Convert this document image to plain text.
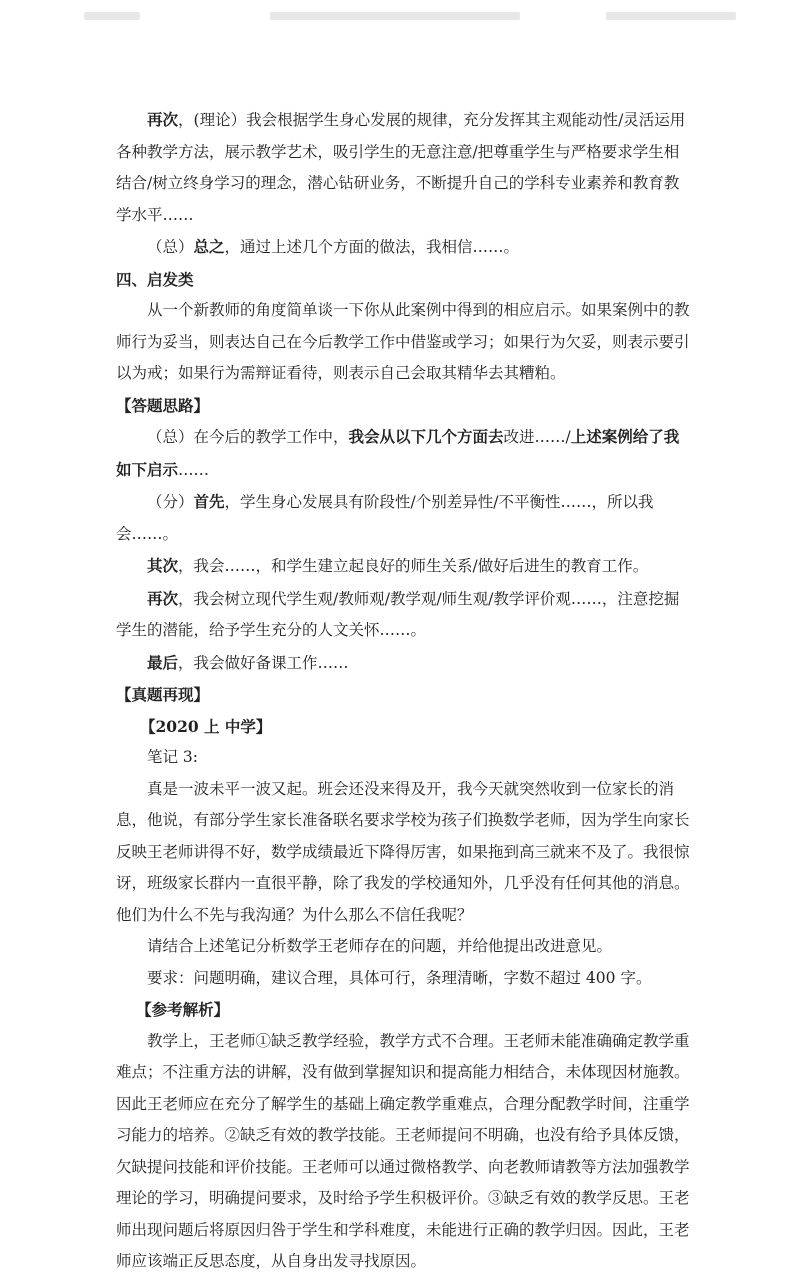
再次，(理论）我会根据学生身心发展的规律，充分发挥其主观能动性/灵活运用各种教学方法，展示教学艺术，吸引学生的无意注意/把尊重学生与严格要求学生相结合/树立终身学习的理念，潜心钻研业务，不断提升自己的学科专业素养和教育教学水平……

（总）总之，通过上述几个方面的做法，我相信……。

四、启发类

从一个新教师的角度简单谈一下你从此案例中得到的相应启示。如果案例中的教师行为妥当，则表达自己在今后教学工作中借鉴或学习；如果行为欠妥，则表示要引以为戒；如果行为需辩证看待，则表示自己会取其精华去其糟粕。

【答题思路】

（总）在今后的教学工作中，我会从以下几个方面去改进……/上述案例给了我如下启示……

（分）首先，学生身心发展具有阶段性/个别差异性/不平衡性……，所以我会……。

其次，我会……，和学生建立起良好的师生关系/做好后进生的教育工作。

再次，我会树立现代学生观/教师观/教学观/师生观/教学评价观……，注意挖掘学生的潜能，给予学生充分的人文关怀……。

最后，我会做好备课工作……

【真题再现】

【2020 上 中学】

笔记 3:

真是一波未平一波又起。班会还没来得及开，我今天就突然收到一位家长的消息，他说，有部分学生家长准备联名要求学校为孩子们换数学老师，因为学生向家长反映王老师讲得不好，数学成绩最近下降得厉害，如果拖到高三就来不及了。我很惊讶，班级家长群内一直很平静，除了我发的学校通知外，几乎没有任何其他的消息。他们为什么不先与我沟通？为什么那么不信任我呢？

请结合上述笔记分析数学王老师存在的问题，并给他提出改进意见。

要求：问题明确，建议合理，具体可行，条理清晰，字数不超过 400 字。

【参考解析】

教学上，王老师①缺乏教学经验，教学方式不合理。王老师未能准确确定教学重难点；不注重方法的讲解，没有做到掌握知识和提高能力相结合，未体现因材施教。因此王老师应在充分了解学生的基础上确定教学重难点，合理分配教学时间，注重学习能力的培养。②缺乏有效的教学技能。王老师提问不明确，也没有给予具体反馈，欠缺提问技能和评价技能。王老师可以通过微格教学、向老教师请教等方法加强教学理论的学习，明确提问要求，及时给予学生积极评价。③缺乏有效的教学反思。王老师出现问题后将原因归咎于学生和学科难度，未能进行正确的教学归因。因此，王老师应该端正反思态度，从自身出发寻找原因。
